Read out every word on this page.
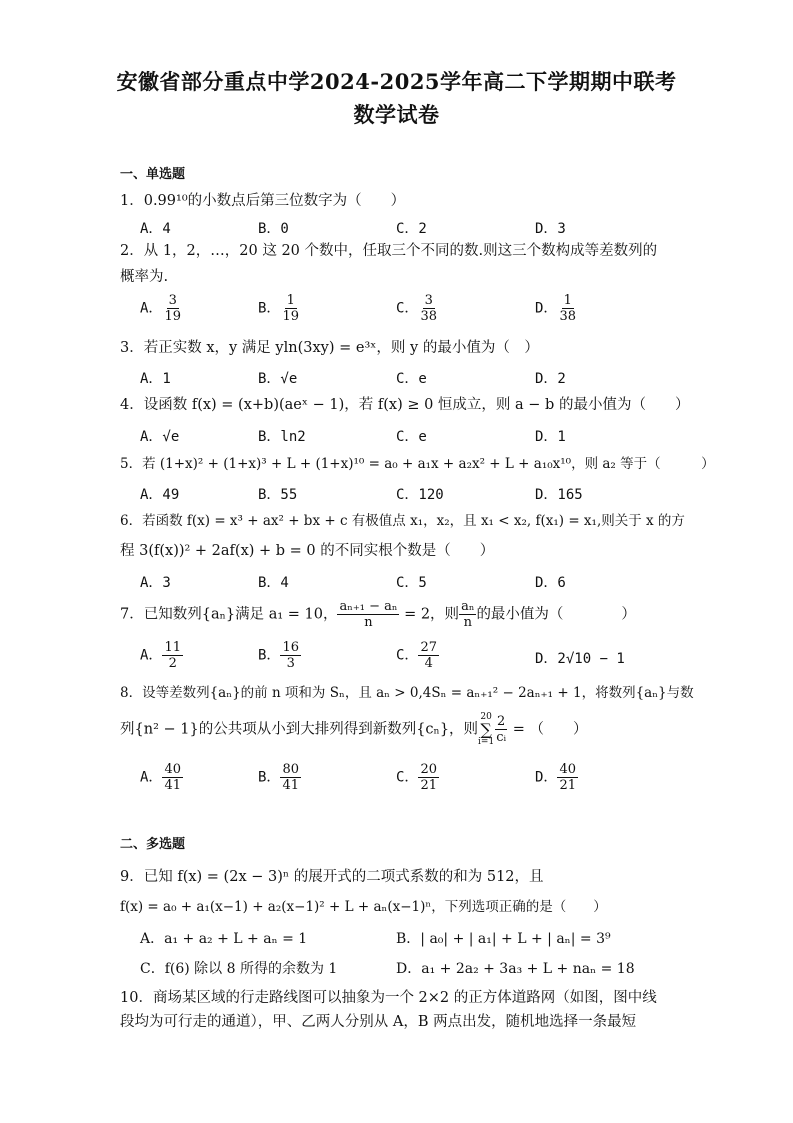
安徽省部分重点中学2024-2025学年高二下学期期中联考
数学试卷
一、单选题
1．0.99¹⁰的小数点后第三位数字为（　　）
A．4	B．0	C．2	D．3
2．从 1，2，…，20 这 20 个数中，任取三个不同的数.则这三个数构成等差数列的
概率为.
A． $\frac{3}{19}$	B． $\frac{1}{19}$	C． $\frac{3}{38}$	D． $\frac{1}{38}$
3．若正实数 x，y 满足 yln(3xy) = e³ˣ，则 y 的最小值为（　）
A．1	B．√e	C．e	D．2
4．设函数 f(x) = (x+b)(aeˣ − 1)，若 f(x) ≥ 0 恒成立，则 a − b 的最小值为（　　）
A．√e	B．ln2	C．e	D．1
5．若 (1+x)² + (1+x)³ + L + (1+x)¹⁰ = a₀ + a₁x + a₂x² + L + a₁₀x¹⁰，则 a₂ 等于（　　　）
A．49	B．55	C．120	D．165
6．若函数 f(x) = x³ + ax² + bx + c 有极值点 x₁，x₂，且 x₁ < x₂, f(x₁) = x₁,则关于 x 的方
程 3(f(x))² + 2af(x) + b = 0 的不同实根个数是（　　）
A．3	B．4	C．5	D．6
7．已知数列{aₙ}满足 a₁ = 10， $\frac{\text{aₙ₊₁ − aₙ}}{n} = 2$，则 $\frac{\text{aₙ}}{n}$ 的最小值为（　　　　）
A． $\frac{11}{2}$	B． $\frac{16}{3}$	C． $\frac{27}{4}$	D．2√10 − 1
8．设等差数列{aₙ}的前 n 项和为 Sₙ，且 aₙ > 0,4Sₙ = aₙ₊₁² − 2aₙ₊₁ + 1，将数列{aₙ}与数
列{n² − 1}的公共项从小到大排列得到新数列{cₙ}，则
20
∑
$i=1 \frac{2}{\text{cᵢ}}$ = （　　）
A． $\frac{40}{41}$	B． $\frac{80}{41}$	C． $\frac{20}{21}$	D． $\frac{40}{21}$
二、多选题
9．已知 f(x) = (2x − 3)ⁿ 的展开式的二项式系数的和为 512，且
f(x) = a₀ + a₁(x−1) + a₂(x−1)² + L + aₙ(x−1)ⁿ，下列选项正确的是（　　）
A．a₁ + a₂ + L + aₙ = 1	B．| a₀| + | a₁| + L + | aₙ| = 3⁹
C．f(6) 除以 8 所得的余数为 1	D．a₁ + 2a₂ + 3a₃ + L + naₙ = 18
10．商场某区域的行走路线图可以抽象为一个 2×2 的正方体道路网（如图，图中线
段均为可行走的通道），甲、乙两人分别从 A，B 两点出发，随机地选择一条最短
